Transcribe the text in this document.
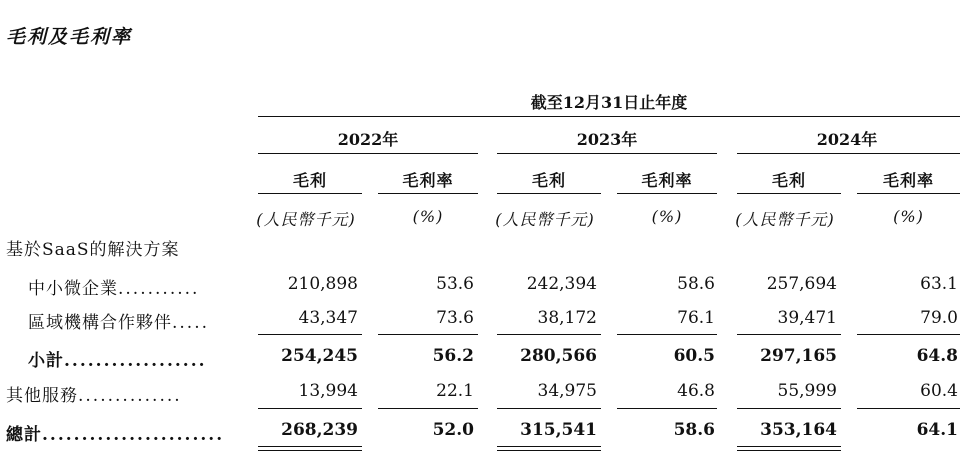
毛利及毛利率
截至12月31日止年度
2022年	2023年	2024年
毛利	毛利率	毛利	毛利率	毛利	毛利率
(人民幣千元)	(%)	(人民幣千元)	(%)	(人民幣千元)	(%)
基於SaaS的解決方案
中小微企業...........	210,898	53.6	242,394	58.6	257,694	63.1
區域機構合作夥伴.....	43,347	73.6	38,172	76.1	39,471	79.0
小計..................	254,245	56.2	280,566	60.5	297,165	64.8
其他服務..............	13,994	22.1	34,975	46.8	55,999	60.4
總計.......................	268,239	52.0	315,541	58.6	353,164	64.1
